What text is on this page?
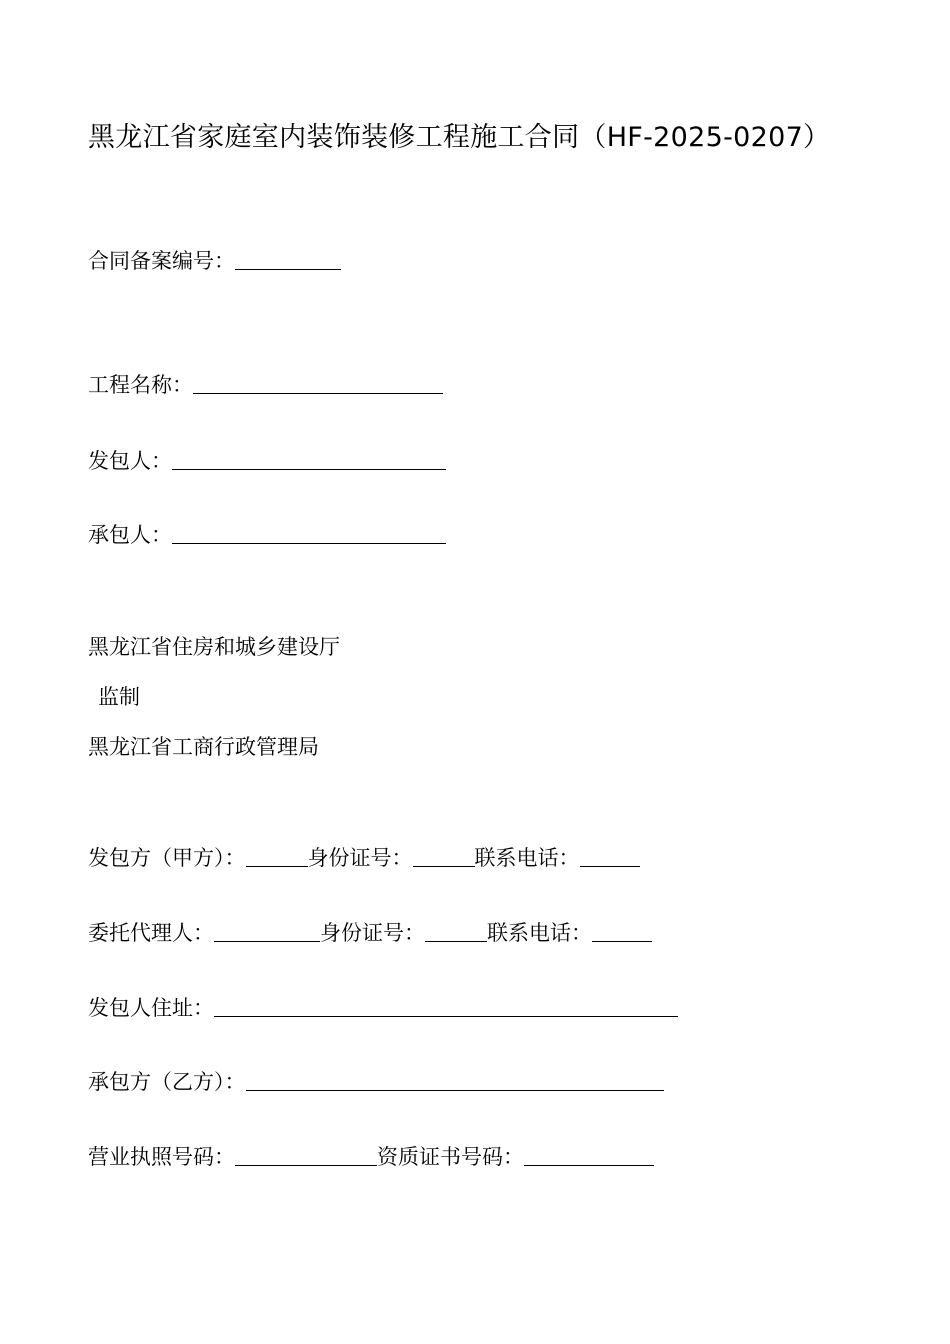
黑龙江省家庭室内装饰装修工程施工合同（HF-2025-0207）
合同备案编号：
工程名称：
发包人：
承包人：
黑龙江省住房和城乡建设厅
监制
黑龙江省工商行政管理局
发包方（甲方）：	身份证号：	联系电话：
委托代理人：	身份证号：	联系电话：
发包人住址：
承包方（乙方）：
营业执照号码：	资质证书号码：
